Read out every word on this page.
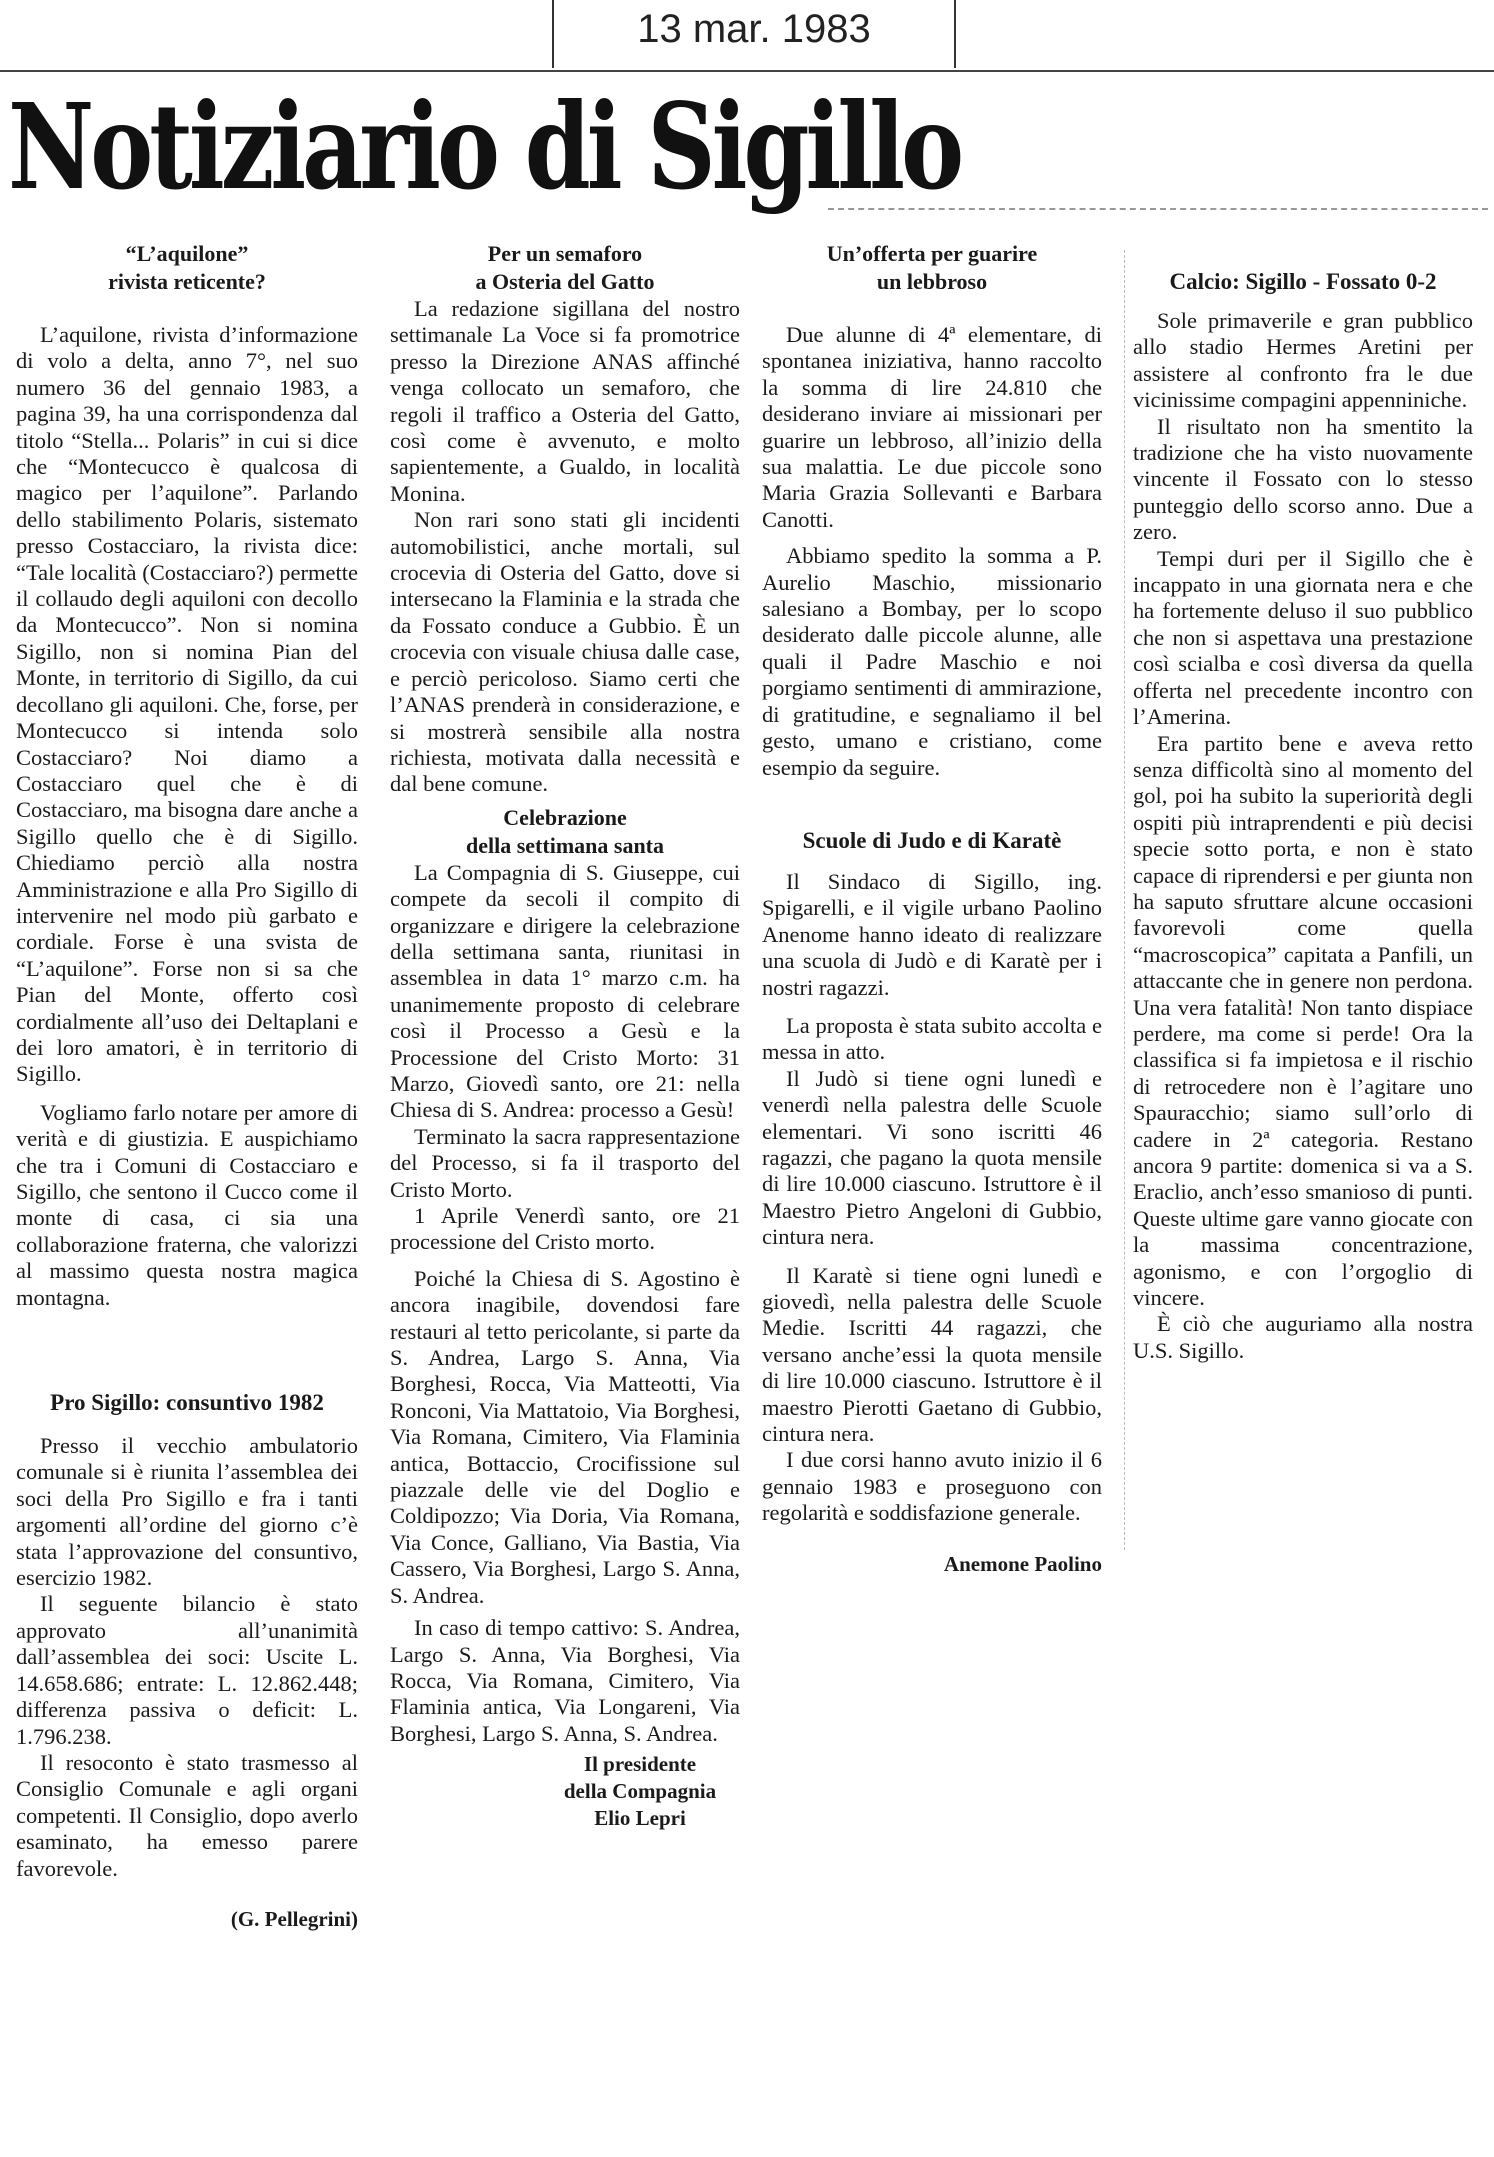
13 mar. 1983
Notiziario di Sigillo
“L’aquilone”
rivista reticente?

L’aquilone, rivista d’informazione di volo a delta, anno 7°, nel suo numero 36 del gennaio 1983, a pagina 39, ha una corrispondenza dal titolo “Stella... Polaris” in cui si dice che “Montecucco è qualcosa di magico per l’aquilone”. Parlando dello stabilimento Polaris, sistemato presso Costacciaro, la rivista dice: “Tale località (Costacciaro?) permette il collaudo degli aquiloni con decollo da Montecucco”. Non si nomina Sigillo, non si nomina Pian del Monte, in territorio di Sigillo, da cui decollano gli aquiloni. Che, forse, per Montecucco si intenda solo Costacciaro? Noi diamo a Costacciaro quel che è di Costacciaro, ma bisogna dare anche a Sigillo quello che è di Sigillo. Chiediamo perciò alla nostra Amministrazione e alla Pro Sigillo di intervenire nel modo più garbato e cordiale. Forse è una svista de “L’aquilone”. Forse non si sa che Pian del Monte, offerto così cordialmente all’uso dei Deltaplani e dei loro amatori, è in territorio di Sigillo.

Vogliamo farlo notare per amore di verità e di giustizia. E auspichiamo che tra i Comuni di Costacciaro e Sigillo, che sentono il Cucco come il monte di casa, ci sia una collaborazione fraterna, che valorizzi al massimo questa nostra magica montagna.

Pro Sigillo: consuntivo 1982

Presso il vecchio ambulatorio comunale si è riunita l’assemblea dei soci della Pro Sigillo e fra i tanti argomenti all’ordine del giorno c’è stata l’approvazione del consuntivo, esercizio 1982.

Il seguente bilancio è stato approvato all’unanimità dall’assemblea dei soci: Uscite L. 14.658.686; entrate: L. 12.862.448; differenza passiva o deficit: L. 1.796.238.

Il resoconto è stato trasmesso al Consiglio Comunale e agli organi competenti. Il Consiglio, dopo averlo esaminato, ha emesso parere favorevole.

(G. Pellegrini)

Per un semaforo
a Osteria del Gatto

La redazione sigillana del nostro settimanale La Voce si fa promotrice presso la Direzione ANAS affinché venga collocato un semaforo, che regoli il traffico a Osteria del Gatto, così come è avvenuto, e molto sapientemente, a Gualdo, in località Monina.

Non rari sono stati gli incidenti automobilistici, anche mortali, sul crocevia di Osteria del Gatto, dove si intersecano la Flaminia e la strada che da Fossato conduce a Gubbio. È un crocevia con visuale chiusa dalle case, e perciò pericoloso. Siamo certi che l’ANAS prenderà in considerazione, e si mostrerà sensibile alla nostra richiesta, motivata dalla necessità e dal bene comune.

Celebrazione
della settimana santa

La Compagnia di S. Giuseppe, cui compete da secoli il compito di organizzare e dirigere la celebrazione della settimana santa, riunitasi in assemblea in data 1° marzo c.m. ha unanimemente proposto di celebrare così il Processo a Gesù e la Processione del Cristo Morto: 31 Marzo, Giovedì santo, ore 21: nella Chiesa di S. Andrea: processo a Gesù!

Terminato la sacra rappresentazione del Processo, si fa il trasporto del Cristo Morto.

1 Aprile Venerdì santo, ore 21 processione del Cristo morto.

Poiché la Chiesa di S. Agostino è ancora inagibile, dovendosi fare restauri al tetto pericolante, si parte da S. Andrea, Largo S. Anna, Via Borghesi, Rocca, Via Matteotti, Via Ronconi, Via Mattatoio, Via Borghesi, Via Romana, Cimitero, Via Flaminia antica, Bottaccio, Crocifissione sul piazzale delle vie del Doglio e Coldipozzo; Via Doria, Via Romana, Via Conce, Galliano, Via Bastia, Via Cassero, Via Borghesi, Largo S. Anna, S. Andrea.

In caso di tempo cattivo: S. Andrea, Largo S. Anna, Via Borghesi, Via Rocca, Via Romana, Cimitero, Via Flaminia antica, Via Longareni, Via Borghesi, Largo S. Anna, S. Andrea.

Il presidente
della Compagnia
Elio Lepri
Un’offerta per guarire
un lebbroso

Due alunne di 4ª elementare, di spontanea iniziativa, hanno raccolto la somma di lire 24.810 che desiderano inviare ai missionari per guarire un lebbroso, all’inizio della sua malattia. Le due piccole sono Maria Grazia Sollevanti e Barbara Canotti.

Abbiamo spedito la somma a P. Aurelio Maschio, missionario salesiano a Bombay, per lo scopo desiderato dalle piccole alunne, alle quali il Padre Maschio e noi porgiamo sentimenti di ammirazione, di gratitudine, e segnaliamo il bel gesto, umano e cristiano, come esempio da seguire.

Scuole di Judo e di Karatè

Il Sindaco di Sigillo, ing. Spigarelli, e il vigile urbano Paolino Anenome hanno ideato di realizzare una scuola di Judò e di Karatè per i nostri ragazzi.

La proposta è stata subito accolta e messa in atto.

Il Judò si tiene ogni lunedì e venerdì nella palestra delle Scuole elementari. Vi sono iscritti 46 ragazzi, che pagano la quota mensile di lire 10.000 ciascuno. Istruttore è il Maestro Pietro Angeloni di Gubbio, cintura nera.

Il Karatè si tiene ogni lunedì e giovedì, nella palestra delle Scuole Medie. Iscritti 44 ragazzi, che versano anche’essi la quota mensile di lire 10.000 ciascuno. Istruttore è il maestro Pierotti Gaetano di Gubbio, cintura nera.

I due corsi hanno avuto inizio il 6 gennaio 1983 e proseguono con regolarità e soddisfazione generale.

Anemone Paolino

Calcio: Sigillo - Fossato 0-2

Sole primaverile e gran pubblico allo stadio Hermes Aretini per assistere al confronto fra le due vicinissime compagini appenniniche.

Il risultato non ha smentito la tradizione che ha visto nuovamente vincente il Fossato con lo stesso punteggio dello scorso anno. Due a zero.

Tempi duri per il Sigillo che è incappato in una giornata nera e che ha fortemente deluso il suo pubblico che non si aspettava una prestazione così scialba e così diversa da quella offerta nel precedente incontro con l’Amerina.

Era partito bene e aveva retto senza difficoltà sino al momento del gol, poi ha subito la superiorità degli ospiti più intraprendenti e più decisi specie sotto porta, e non è stato capace di riprendersi e per giunta non ha saputo sfruttare alcune occasioni favorevoli come quella “macroscopica” capitata a Panfili, un attaccante che in genere non perdona. Una vera fatalità! Non tanto dispiace perdere, ma come si perde! Ora la classifica si fa impietosa e il rischio di retrocedere non è l’agitare uno Spauracchio; siamo sull’orlo di cadere in 2ª categoria. Restano ancora 9 partite: domenica si va a S. Eraclio, anch’esso smanioso di punti. Queste ultime gare vanno giocate con la massima concentrazione, agonismo, e con l’orgoglio di vincere.

È ciò che auguriamo alla nostra U.S. Sigillo.
